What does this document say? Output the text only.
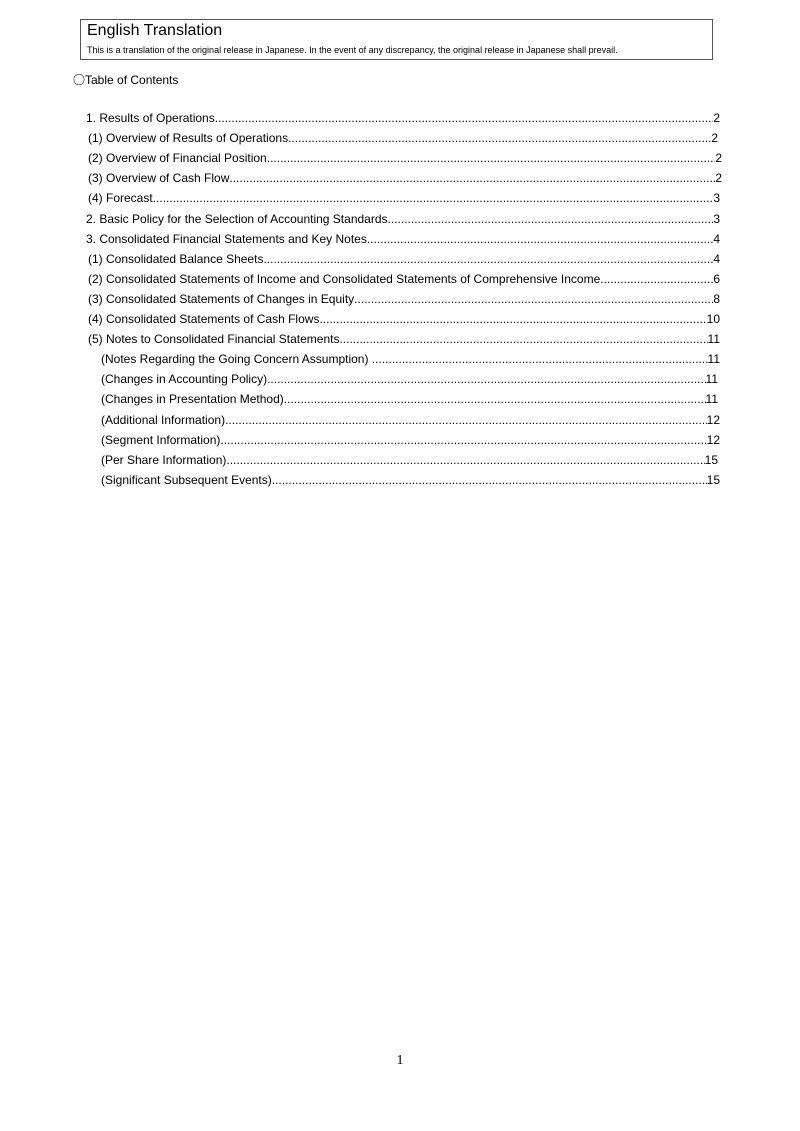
English Translation
This is a translation of the original release in Japanese. In the event of any discrepancy, the original release in Japanese shall prevail.
〇Table of Contents
1. Results of Operations .....	2
(1) Overview of Results of Operations .....	2
(2) Overview of Financial Position .....	2
(3) Overview of Cash Flow .....	2
(4) Forecast .....	3
2. Basic Policy for the Selection of Accounting Standards .....	3
3. Consolidated Financial Statements and Key Notes .....	4
(1) Consolidated Balance Sheets .....	4
(2) Consolidated Statements of Income and Consolidated Statements of Comprehensive Income. .....	6
(3) Consolidated Statements of Changes in Equity .....	8
(4) Consolidated Statements of Cash Flows. .....	10
(5) Notes to Consolidated Financial Statements. .....	11
(Notes Regarding the Going Concern Assumption) . .....	11
(Changes in Accounting Policy) .....	11
(Changes in Presentation Method) .....	11
(Additional Information) .....	12
(Segment Information) .....	12
(Per Share Information) .....	15
(Significant Subsequent Events) .....	15
1
